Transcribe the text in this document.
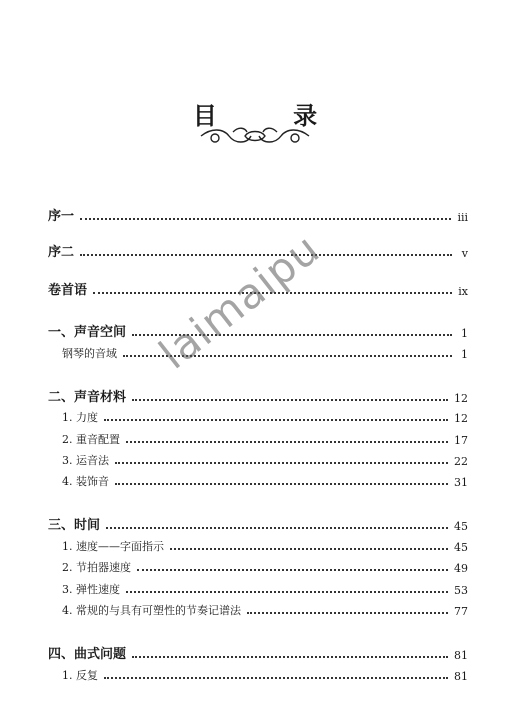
目 录
序一	iii
序二	v
卷首语	ix
一、声音空间	1
钢琴的音域	1
二、声音材料	12
1. 力度	12
2. 重音配置	17
3. 运音法	22
4. 装饰音	31
三、时间	45
1. 速度——字面指示	45
2. 节拍器速度	49
3. 弹性速度	53
4. 常规的与具有可塑性的节奏记谱法	77
四、曲式问题	81
1. 反复	81
laimaipu
